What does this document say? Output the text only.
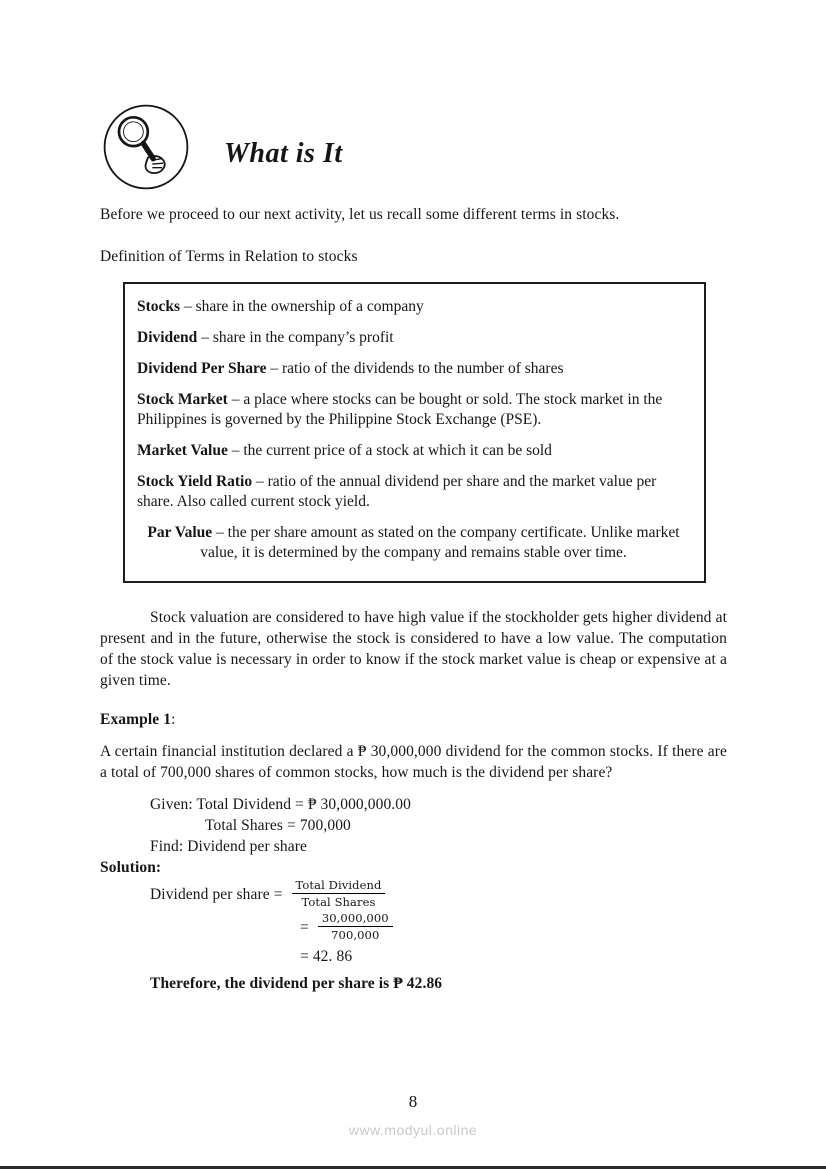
What is It

Before we proceed to our next activity, let us recall some different terms in stocks.

Definition of Terms in Relation to stocks

Stocks – share in the ownership of a company

Dividend – share in the company’s profit

Dividend Per Share – ratio of the dividends to the number of shares

Stock Market – a place where stocks can be bought or sold. The stock market in the Philippines is governed by the Philippine Stock Exchange (PSE).

Market Value – the current price of a stock at which it can be sold

Stock Yield Ratio – ratio of the annual dividend per share and the market value per share. Also called current stock yield.

Par Value – the per share amount as stated on the company certificate. Unlike market value, it is determined by the company and remains stable over time.

Stock valuation are considered to have high value if the stockholder gets higher dividend at present and in the future, otherwise the stock is considered to have a low value. The computation of the stock value is necessary in order to know if the stock market value is cheap or expensive at a given time.

Example 1:

A certain financial institution declared a ₱ 30,000,000 dividend for the common stocks. If there are a total of 700,000 shares of common stocks, how much is the dividend per share?

Given: Total Dividend = ₱ 30,000,000.00

Total Shares = 700,000

Find: Dividend per share

Solution:

Dividend per share = $\frac{\text{Total Dividend}}{\text{Total Shares}}$
= $\frac{30,000,000}{700,000}$
= 42. 86

Therefore, the dividend per share is ₱ 42.86

8
www.modyul.online
